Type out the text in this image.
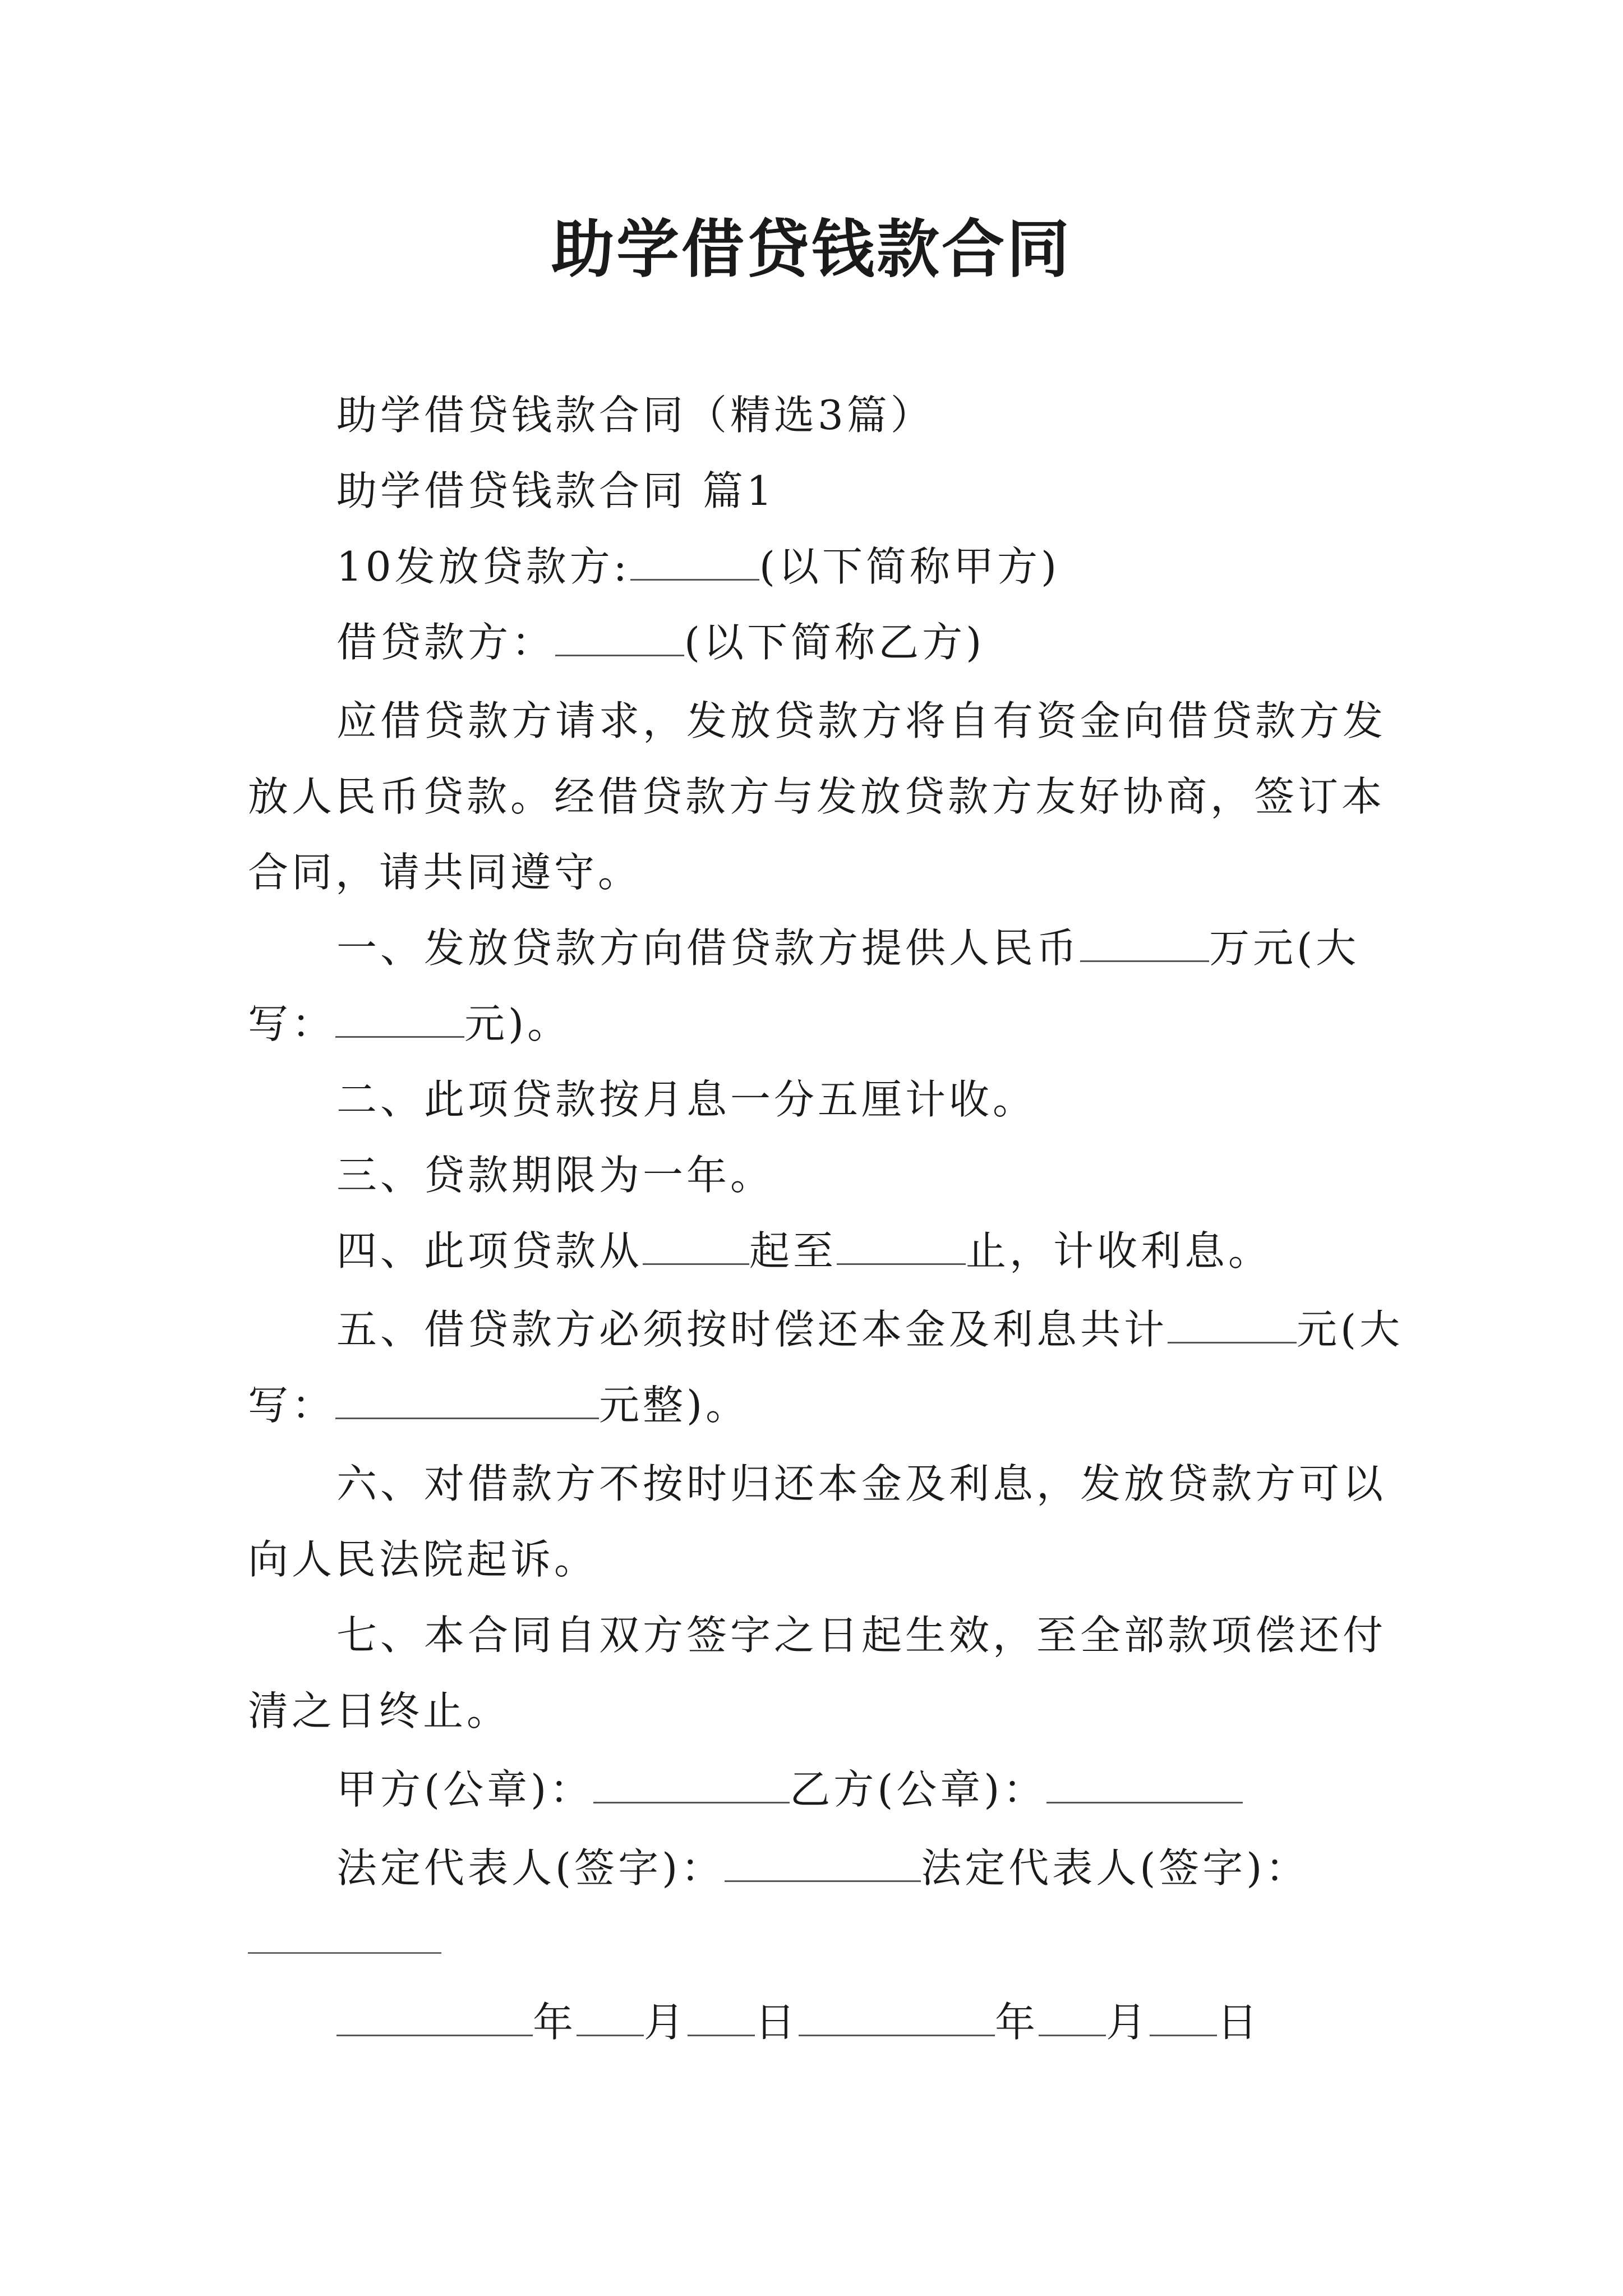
助学借贷钱款合同
助学借贷钱款合同（精选3篇）
助学借贷钱款合同 篇1
10发放贷款方:	(以下简称甲方)
借贷款方：	(以下简称乙方)
应借贷款方请求，发放贷款方将自有资金向借贷款方发
放人民币贷款。经借贷款方与发放贷款方友好协商，签订本
合同，请共同遵守。
一、发放贷款方向借贷款方提供人民币	万元(大
写：	元)。
二、此项贷款按月息一分五厘计收。
三、贷款期限为一年。
四、此项贷款从	起至	止，计收利息。
五、借贷款方必须按时偿还本金及利息共计	元(大
写：	元整)。
六、对借款方不按时归还本金及利息，发放贷款方可以
向人民法院起诉。
七、本合同自双方签字之日起生效，至全部款项偿还付
清之日终止。
甲方(公章)：	乙方(公章)：
法定代表人(签字)：	法定代表人(签字)：
年 月 日	年 月 日
